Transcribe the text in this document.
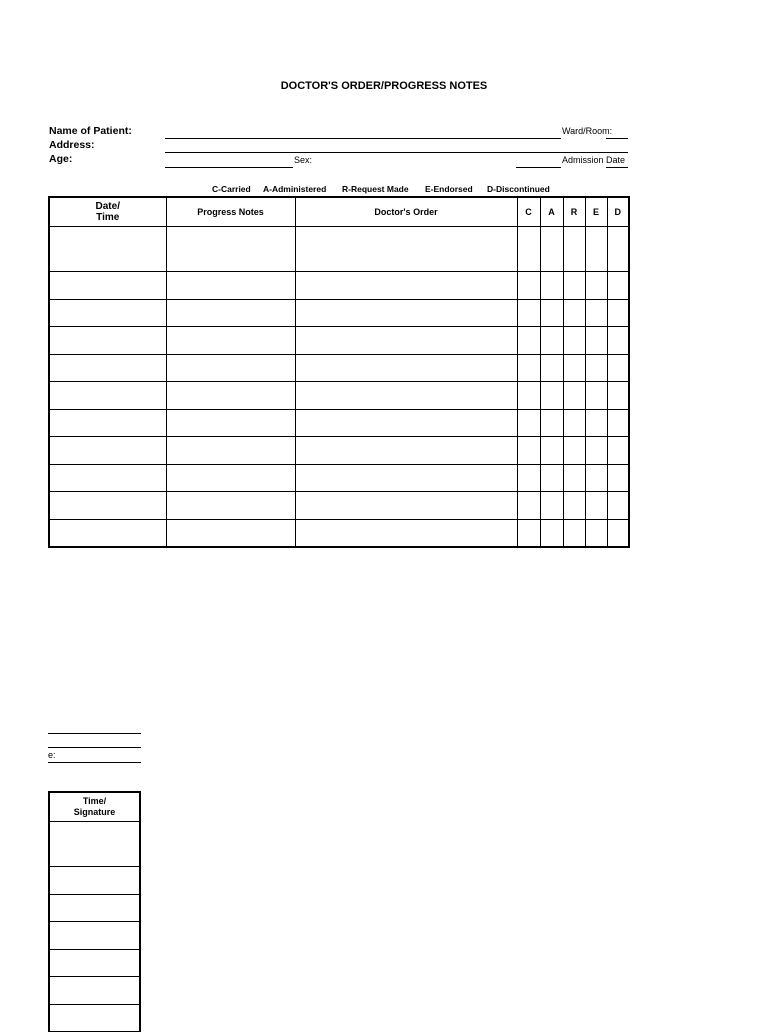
DOCTOR'S ORDER/PROGRESS NOTES
Name of Patient:
Address:
Age:
Ward/Room:
Sex:	Admission Date
C-Carried A-Administered R-Request Made E-Endorsed D-Discontinued
Date/
Time	Progress Notes	Doctor's Order	C	A	R	E	D

e:
Time/
Signature
